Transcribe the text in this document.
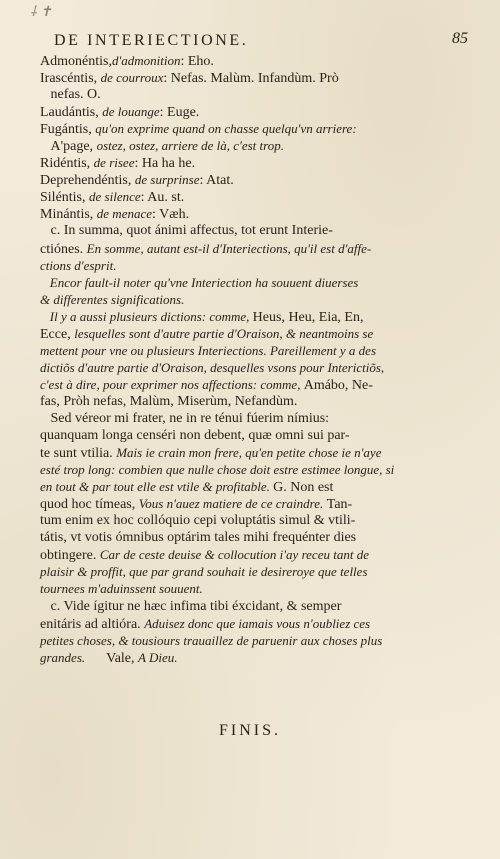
⸸ ✝
DE INTERIECTIONE.	85
Admonéntis,d'admonition: Eho.
Irascéntis, de courroux: Nefas. Malùm. Infandùm. Prò
nefas. O.
Laudántis, de louange: Euge.
Fugántis, qu'on exprime quand on chasse quelqu'vn arriere:
A'page, ostez, ostez, arriere de là, c'est trop.
Ridéntis, de risee: Ha ha he.
Deprehendéntis, de surprinse: Atat.
Siléntis, de silence: Au. st.
Minántis, de menace: Væh.
c. In summa, quot ánimi affectus, tot erunt Interie-
ctiónes. En somme, autant est-il d'Interiections, qu'il est d'affe-
ctions d'esprit.
Encor fault-il noter qu'vne Interiection ha souuent diuerses
& differentes significations.
Il y a aussi plusieurs dictions: comme, Heus, Heu, Eia, En,
Ecce, lesquelles sont d'autre partie d'Oraison, & neantmoins se
mettent pour vne ou plusieurs Interiections. Pareillement y a des
dictiõs d'autre partie d'Oraison, desquelles vsons pour Interictiõs,
c'est à dire, pour exprimer nos affections: comme, Amábo, Ne-
fas, Pròh nefas, Malùm, Miserùm, Nefandùm.
Sed véreor mi frater, ne in re ténui fúerim nímius:
quanquam longa censéri non debent, quæ omni sui par-
te sunt vtilia. Mais ie crain mon frere, qu'en petite chose ie n'aye
esté trop long: combien que nulle chose doit estre estimee longue, si
en tout & par tout elle est vtile & profitable. G. Non est
quod hoc tímeas, Vous n'auez matiere de ce craindre. Tan-
tum enim ex hoc collóquio cepi voluptátis simul & vtili-
tátis, vt votis ómnibus optárim tales mihi frequénter dies
obtingere. Car de ceste deuise & collocution i'ay receu tant de
plaisir & proffit, que par grand souhait ie desireroye que telles
tournees m'aduinssent souuent.
c. Vide ígitur ne hæc infima tibi éxcidant, & semper
enitáris ad altióra. Aduisez donc que iamais vous n'oubliez ces
petites choses, & tousiours trauaillez de paruenir aux choses plus
grandes.      Vale, A Dieu.
FINIS.
